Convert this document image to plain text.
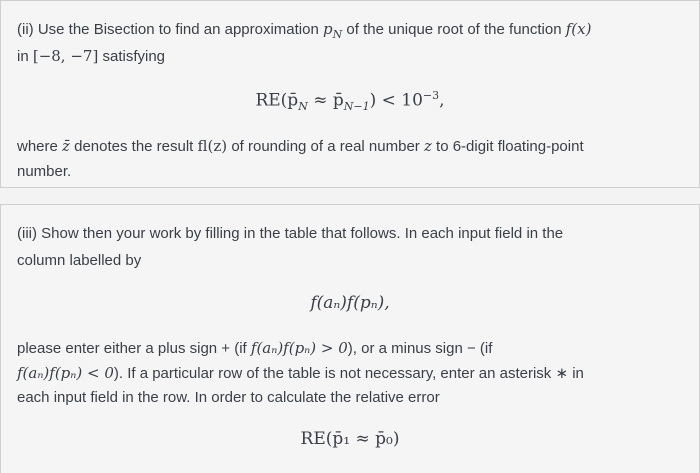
(ii) Use the Bisection to find an approximation $p_N$ of the unique root of the function f(x)
in [−8, −7] satisfying
$RE(p̄_N$ ≈ $p̄_{N-1}) < 10^{-3}$,
where z̄ denotes the result fl(z) of rounding of a real number z to 6-digit floating-point
number.
(iii) Show then your work by filling in the table that follows. In each input field in the
column labelled by
f(aₙ)f(pₙ),
please enter either a plus sign + (if f(aₙ)f(pₙ) > 0), or a minus sign − (if
f(aₙ)f(pₙ) < 0). If a particular row of the table is not necessary, enter an asterisk ∗ in
each input field in the row. In order to calculate the relative error
RE(p̄₁ ≈ p̄₀)
